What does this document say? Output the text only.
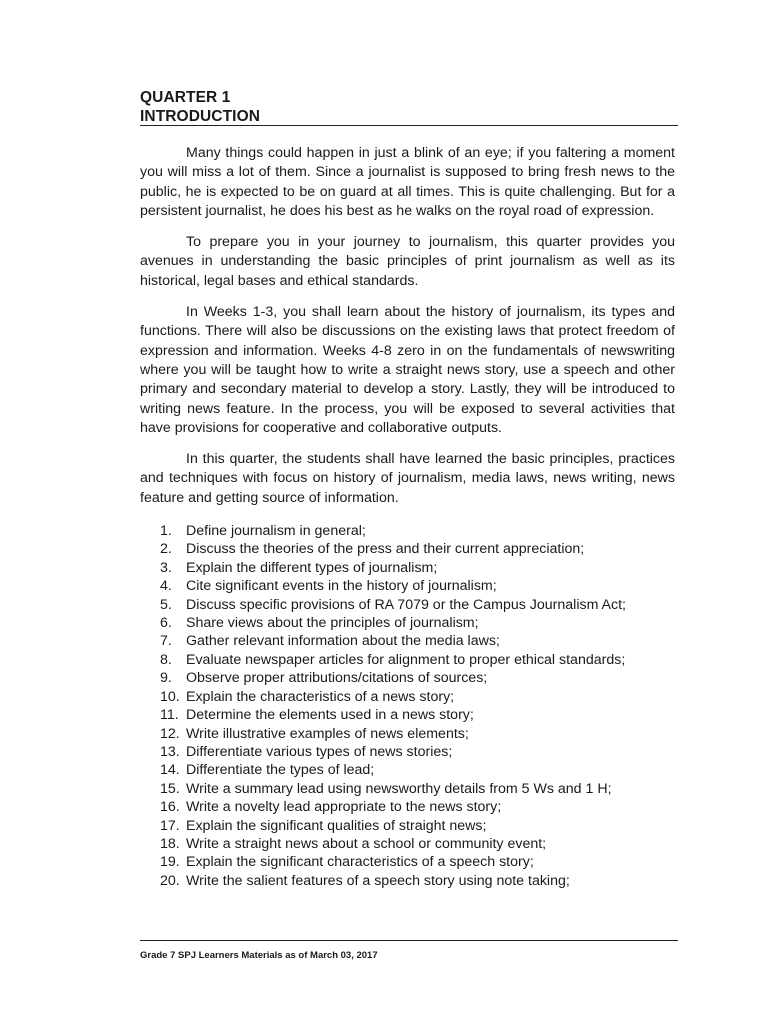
QUARTER 1
INTRODUCTION

Many things could happen in just a blink of an eye; if you faltering a moment you will miss a lot of them. Since a journalist is supposed to bring fresh news to the public, he is expected to be on guard at all times. This is quite challenging. But for a persistent journalist, he does his best as he walks on the royal road of expression.

To prepare you in your journey to journalism, this quarter provides you avenues in understanding the basic principles of print journalism as well as its historical, legal bases and ethical standards.

In Weeks 1-3, you shall learn about the history of journalism, its types and functions. There will also be discussions on the existing laws that protect freedom of expression and information. Weeks 4-8 zero in on the fundamentals of newswriting where you will be taught how to write a straight news story, use a speech and other primary and secondary material to develop a story. Lastly, they will be introduced to writing news feature. In the process, you will be exposed to several activities that have provisions for cooperative and collaborative outputs.

In this quarter, the students shall have learned the basic principles, practices and techniques with focus on history of journalism, media laws, news writing, news feature and getting source of information.

1. Define journalism in general;
2. Discuss the theories of the press and their current appreciation;
3. Explain the different types of journalism;
4. Cite significant events in the history of journalism;
5. Discuss specific provisions of RA 7079 or the Campus Journalism Act;
6. Share views about the principles of journalism;
7. Gather relevant information about the media laws;
8. Evaluate newspaper articles for alignment to proper ethical standards;
9. Observe proper attributions/citations of sources;
10. Explain the characteristics of a news story;
11. Determine the elements used in a news story;
12. Write illustrative examples of news elements;
13. Differentiate various types of news stories;
14. Differentiate the types of lead;
15. Write a summary lead using newsworthy details from 5 Ws and 1 H;
16. Write a novelty lead appropriate to the news story;
17. Explain the significant qualities of straight news;
18. Write a straight news about a school or community event;
19. Explain the significant characteristics of a speech story;
20. Write the salient features of a speech story using note taking;
Grade 7 SPJ Learners Materials as of March 03, 2017
